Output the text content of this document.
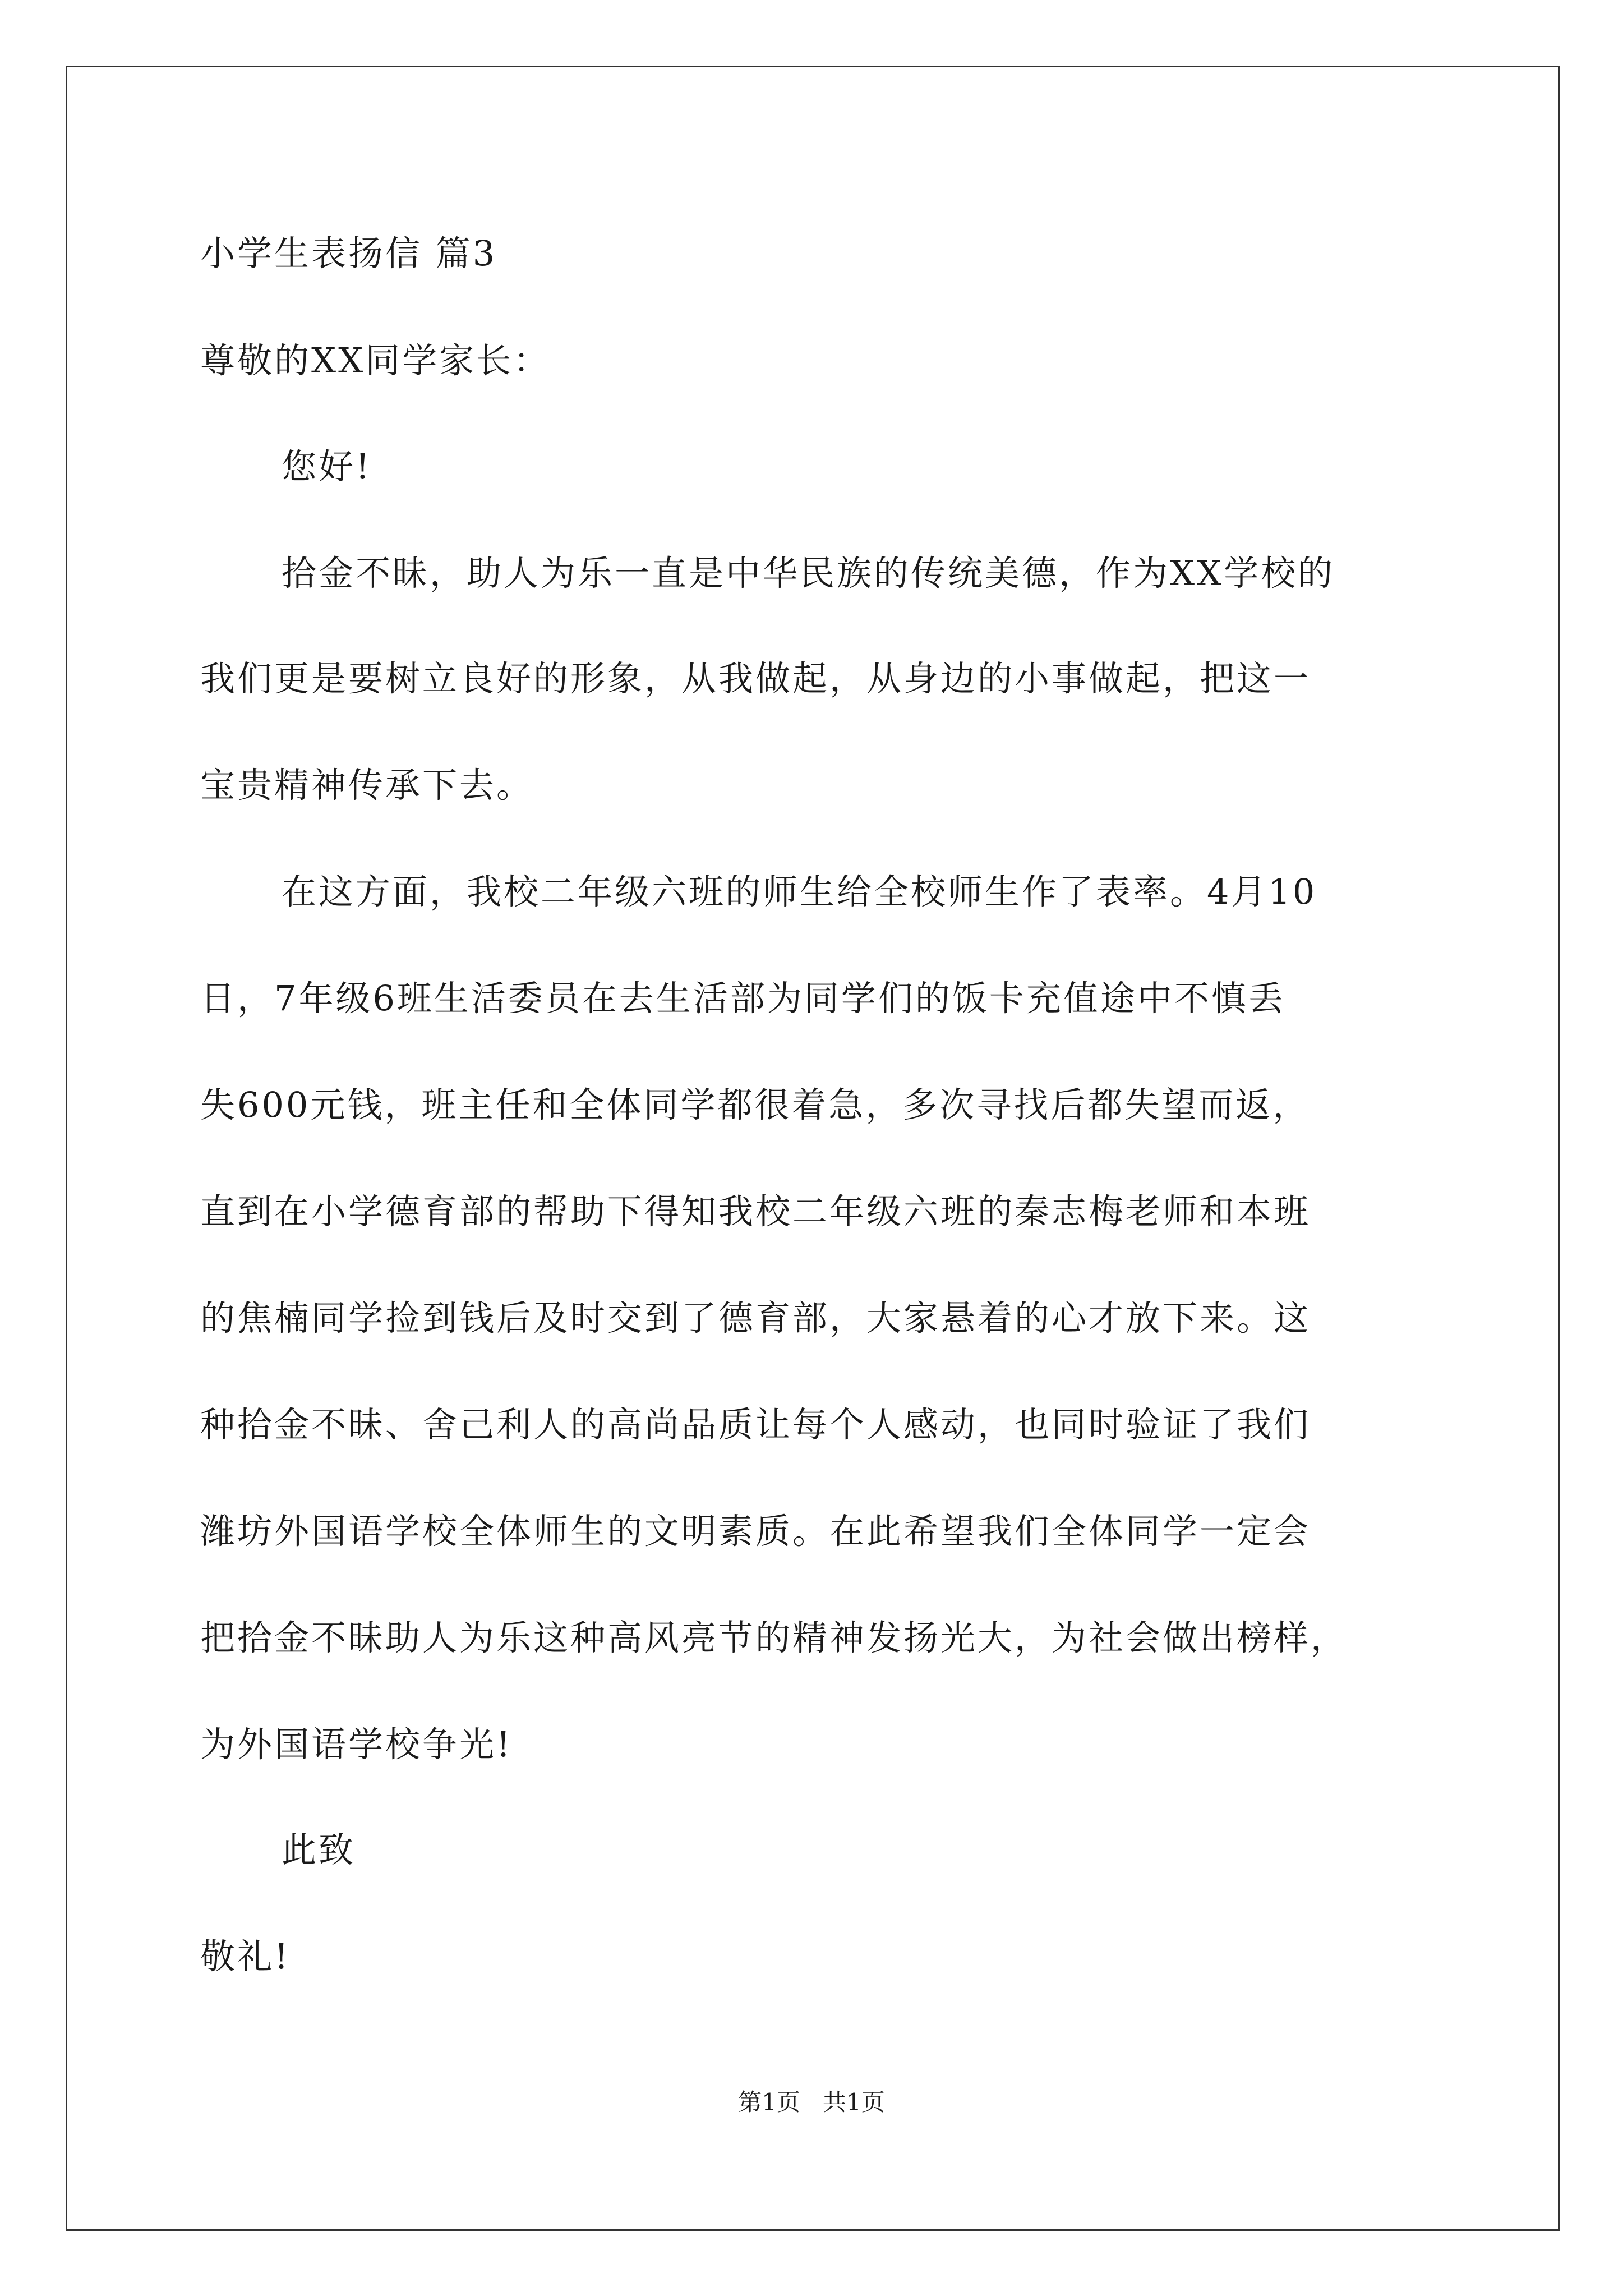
小学生表扬信 篇3
尊敬的XX同学家长：
您好!
拾金不昧，助人为乐一直是中华民族的传统美德，作为XX学校的
我们更是要树立良好的形象，从我做起，从身边的小事做起，把这一
宝贵精神传承下去。
在这方面，我校二年级六班的师生给全校师生作了表率。4月10
日，7年级6班生活委员在去生活部为同学们的饭卡充值途中不慎丢
失600元钱，班主任和全体同学都很着急，多次寻找后都失望而返，
直到在小学德育部的帮助下得知我校二年级六班的秦志梅老师和本班
的焦楠同学捡到钱后及时交到了德育部，大家悬着的心才放下来。这
种拾金不昧、舍己利人的高尚品质让每个人感动，也同时验证了我们
潍坊外国语学校全体师生的文明素质。在此希望我们全体同学一定会
把拾金不昧助人为乐这种高风亮节的精神发扬光大，为社会做出榜样，
为外国语学校争光!
此致
敬礼!
第1页   共1页
